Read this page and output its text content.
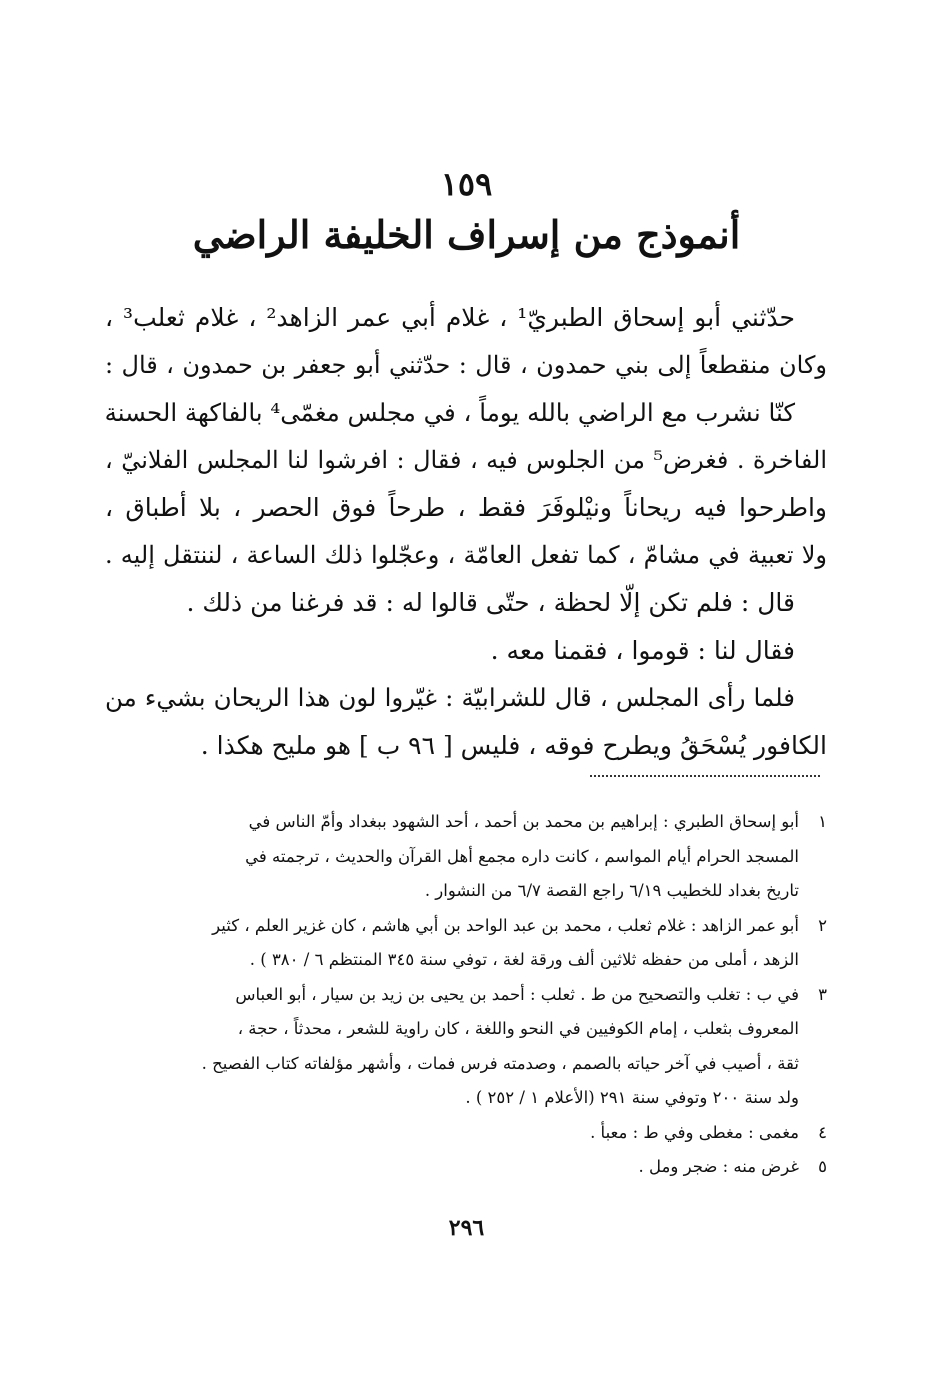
١٥٩
أنموذج من إسراف الخليفة الراضي
حدّثني أبو إسحاق الطبريّ¹ ، غلام أبي عمر الزاهد² ، غلام ثعلب³ ،
وكان منقطعاً إلى بني حمدون ، قال : حدّثني أبو جعفر بن حمدون ، قال :
كنّا نشرب مع الراضي بالله يوماً ، في مجلس مغمّى⁴ بالفاكهة الحسنة
الفاخرة . فغرض⁵ من الجلوس فيه ، فقال : افرشوا لنا المجلس الفلانيّ ،
واطرحوا فيه ريحاناً ونيْلوفَرَ فقط ، طرحاً فوق الحصر ، بلا أطباق ،
ولا تعبية في مشامّ ، كما تفعل العامّة ، وعجّلوا ذلك الساعة ، لننتقل إليه .
قال : فلم تكن إلّا لحظة ، حتّى قالوا له : قد فرغنا من ذلك .
فقال لنا : قوموا ، فقمنا معه .
فلما رأى المجلس ، قال للشرابيّة : غيّروا لون هذا الريحان بشيء من
الكافور يُسْحَقُ ويطرح فوقه ، فليس [ ٩٦ ب ] هو مليح هكذا .
١أبو إسحاق الطبري : إبراهيم بن محمد بن أحمد ، أحد الشهود ببغداد وأمّ الناس في
المسجد الحرام أيام المواسم ، كانت داره مجمع أهل القرآن والحديث ، ترجمته في
تاريخ بغداد للخطيب ٦/١٩ راجع القصة ٦/٧ من النشوار .
٢أبو عمر الزاهد : غلام ثعلب ، محمد بن عبد الواحد بن أبي هاشم ، كان غزير العلم ، كثير
الزهد ، أملى من حفظه ثلاثين ألف ورقة لغة ، توفي سنة ٣٤٥ المنتظم ٦ / ٣٨٠ ) .
٣في ب : تغلب والتصحيح من ط . ثعلب : أحمد بن يحيى بن زيد بن سيار ، أبو العباس
المعروف بثعلب ، إمام الكوفيين في النحو واللغة ، كان راوية للشعر ، محدثاً ، حجة ،
ثقة ، أصيب في آخر حياته بالصمم ، وصدمته فرس فمات ، وأشهر مؤلفاته كتاب الفصيح .
ولد سنة ٢٠٠ وتوفي سنة ٢٩١ (الأعلام ١ / ٢٥٢ ) .
٤مغمى : مغطى وفي ط : معبأ .
٥غرض منه : ضجر ومل .
٢٩٦
